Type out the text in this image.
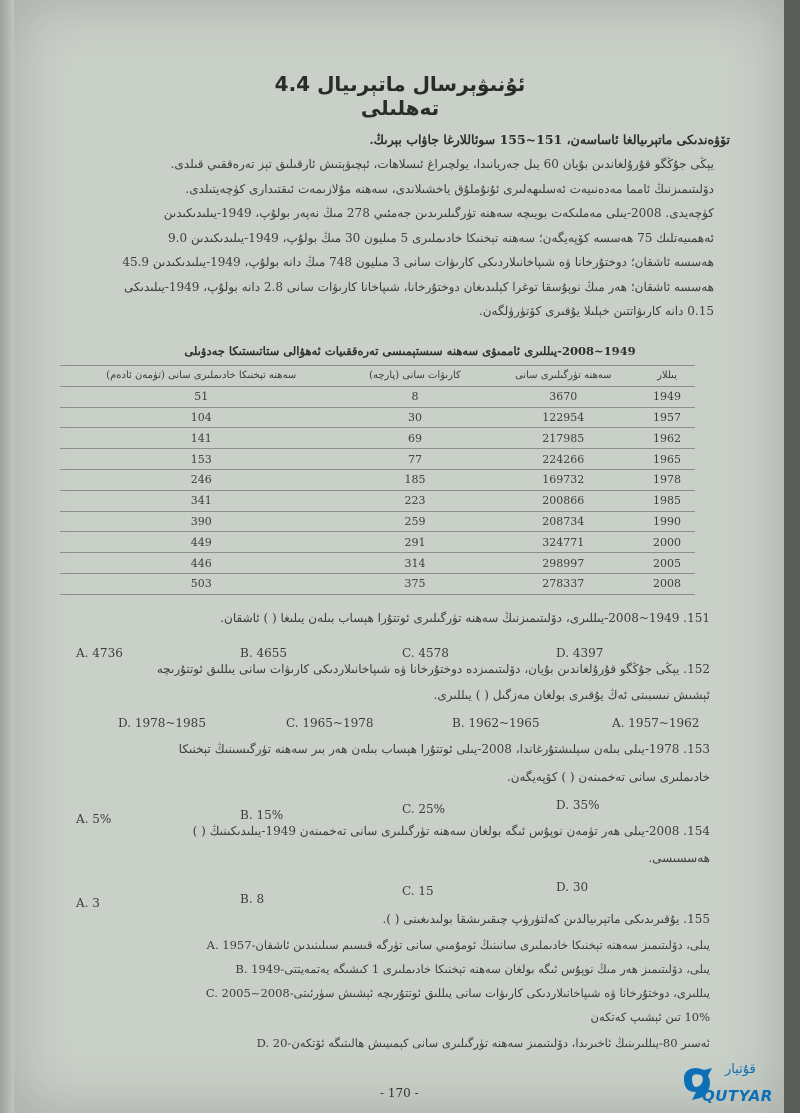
4.4 ئۇنىۋېرسال ماتېرىيال تەھلىلى
تۆۋەندىكى ماتېرىيالغا ئاساسەن، 151~155 سوئاللارغا جاۋاب بېرىڭ.
يېڭى جۇڭگو قۇرۇلغاندىن بۇيان 60 يىل جەريانىدا، يولچىراغ ئىسلاھات، ئېچىۋېتىش ئارقىلىق تېز تەرەققىي قىلدى.
دۆلىتىمىزنىڭ ئامما مەدەنىيەت ئەسلىھەلىرى ئۇنۇملۇق ياخشىلاندى، سەھنە مۇلازىمەت ئىقتىدارى كۈچەيتىلدى.
كۈچەيدى. 2008-يىلى مەملىكەت بويىچە سەھنە تۈرگىلىرىدىن جەمئىي 278 مىڭ نەپەر بولۇپ، 1949-يىلىدىكىدىن
ئەھمىيەتلىك 75 ھەسسە كۆپەيگەن؛ سەھنە تېخنىكا خادىملىرى 5 مىليون 30 مىڭ بولۇپ، 1949-يىلىدىكىدىن 9.0
ھەسسە ئاشقان؛ دوختۇرخانا ۋە شىپاخانىلاردىكى كارىۋات سانى 3 مىليون 748 مىڭ دانە بولۇپ، 1949-يىلىدىكىدىن 45.9
ھەسسە ئاشقان؛ ھەر مىڭ نوپۇسقا توغرا كېلىدىغان دوختۇرخانا، شىپاخانا كارىۋات سانى 2.8 دانە بولۇپ، 1949-يىلىدىكى
0.15 دانە كارىۋاتتىن خېلىلا يۇقىرى كۆتۈرۈلگەن.
1949~2008-يىللىرى ئاممىۋى سەھنە سىستېمىسى تەرەققىيات ئەھۋالى ستاتىستىكا جەدۋىلى
سەھنە تېخنىكا خادىملىرى سانى (تۈمەن ئادەم)	كارىۋات سانى (پارچە)	سەھنە تۈرگىلىرى سانى	يىللار
51	8	3670	1949
104	30	122954	1957
141	69	217985	1962
153	77	224266	1965
246	185	169732	1978
341	223	200866	1985
390	259	208734	1990
449	291	324771	2000
446	314	298997	2005
503	375	278337	2008
151. 1949~2008-يىللىرى، دۆلىتىمىزنىڭ سەھنە تۈرگىلىرى ئوتتۇرا ھېساب بىلەن يىلىغا ( ) ئاشقان.
A. 4736	B. 4655	C. 4578	D. 4397
152. يېڭى جۇڭگو قۇرۇلغاندىن بۇيان، دۆلىتىمىزدە دوختۇرخانا ۋە شىپاخانىلاردىكى كارىۋات سانى يىللىق ئوتتۇرىچە
ئېشىش نىسبىتى ئەڭ يۇقىرى بولغان مەزگىل ( ) يىللىرى.
A. 1957~1962
B. 1962~1965
C. 1965~1978
D. 1978~1985
153. 1978-يىلى بىلەن سېلىشتۇرغاندا، 2008-يىلى ئوتتۇرا ھېساب بىلەن ھەر بىر سەھنە تۈرگىسىنىڭ تېخنىكا
خادىملىرى سانى تەخمىنەن ( ) كۆپەيگەن.
A. 5%	B. 15%	C. 25%	D. 35%
154. 2008-يىلى ھەر تۈمەن نوپۇس ئىگە بولغان سەھنە تۈرگىلىرى سانى تەخمىنەن 1949-يىلىدىكىنىڭ ( )
ھەسسىسى.
A. 3	B. 8
C. 15	D. 30
155. يۇقىرىدىكى ماتېرىيالدىن كەلتۈرۈپ چىقىرىشقا بولىدىغىنى ( ).
A. 1957-يىلى، دۆلىتىمىز سەھنە تېخنىكا خادىملىرى سانىنىڭ ئومۇمىي سانى تۈرگە قىسىم سىلىنىدىن ئاشقان
B. 1949-يىلى، دۆلىتىمىز ھەر مىڭ نوپۇس ئىگە بولغان سەھنە تېخنىكا خادىملىرى 1 كىشىگە يەتمەيتتى
C. 2005~2008-يىللىرى، دوختۇرخانا ۋە شىپاخانىلاردىكى كارىۋات سانى يىللىق ئوتتۇرىچە ئېشىش سۈرئىتى
10% تىن ئېشىپ كەتكەن
D. 20-ئەسىر 80-يىللىرىنىڭ ئاخىرىدا، دۆلىتىمىز سەھنە تۈرگىلىرى سانى كېمىيىش ھالىتىگە ئۆتكەن
- 170 -
قۇتيار
QUTYAR
